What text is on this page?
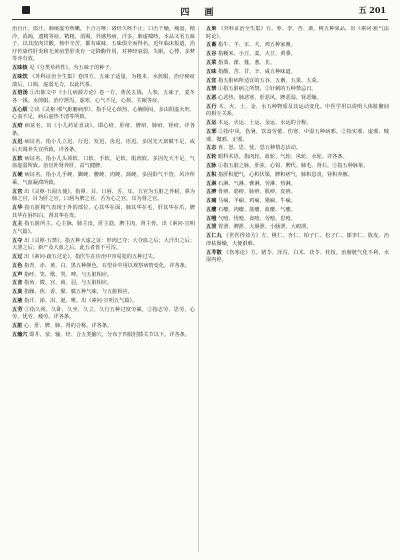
四 画	五 201

治自汗，盗汗，肺痰虚劳咳嗽，下合言唾；诸经久咳不止；口舌干燥，瘦弱，精冷，消渴，遗精等症。精粗，消渴，外感热病，汗多，肺虚喘咳，本品又名五味子，以其皮肉甘酸，核中辛苦，都有咸味，五味俱全而得名。近年临床报道，治疗传染性肝炎和无黄疸型肝炎有一定降酶作用，对神经衰弱，失眠，心悸，多梦等亦有效。

五味核 见《分类草药性》。为五味子的种子。

五味饮 《外科证治全生集》卷四方。五味子适量，为粗末，水煎服，治疗痈疽溃后，口渴，虚弱无力，以此代茶。

五倍汤 ①出陈文中《小儿病源方论》卷一方。黄芪五钱，人参，五味子，麦冬各一钱。水煎服。治疗泄泻，虚寒，心气不足，心烦、失眠等症。

五心烦 ②出《灵枢·邪气脏腑病形》。指手足心烦热，心胸烦闷。多由阴虚火旺，心血不足，病后虚热不清等所致。

五疳 病证名。出《小儿药证直诀》。即心疳、肝疳、脾疳、肺疳、肾疳。详各条。

五迟 病证名。指小儿立迟、行迟、发迟、齿迟、语迟。多因先天禀赋不足，或后天调养失宜所致。详各条。

五软 病证名。指小儿头项软、口软、手软、足软、肌肉软。多因先天不足，气血虚弱所致。治宜补肾养肝，益气健脾。

五硬 病证名。指小儿手硬、脚硬、腰硬、肉硬、颈硬。多因阳气不营，风冷所乘，气血凝滞所致。

五官 出《灵枢·五阅五使》。指鼻、目、口唇、舌、耳。五官为五脏之外候，鼻为肺之官，目为肝之官，口唇为脾之官，舌为心之官，耳为肾之官。

五华 指五脏精气表现于外的部位。心其华在面，肺其华在毛，肝其华在爪，脾其华在唇四白，肾其华在发。

五主 指五脏所主。心主脉，肺主皮，肝主筋，脾主肉，肾主骨。出《素问·宣明五气篇》。

五夺 出《灵枢·五禁》。指五种大虚之证：形肉已夺；大夺血之后；大汗出之后；大泄之后；新产及大血之后。此五者皆不可泻。

五过 出《素问·疏五过论》。指医生在诊治中容易犯的五种过失。

五色 指青、赤、黄、白、黑五种颜色。在望诊中用以观察病情变化。详各条。

五声 指呼、笑、歌、哭、呻。与五脏相应。

五音 指角、徵、宫、商、羽。与五脏相应。

五臭 指臊、焦、香、腥、腐五种气味，与五脏相应。

五液 指汗、涕、泪、涎、唾。出《素问·宣明五气篇》。

五劳 ①指久视、久卧、久坐、久立、久行五种过度劳累。②指志劳、思劳、心劳、忧劳、瘦劳。详各条。

五脏 心、肝、脾、肺、肾的合称。详各条。

五输穴 即井、荥、输、经、合五类腧穴，分布于四肢肘膝关节以下。详各条。

五果 《外科证治全生集》方。枣、李、杏、栗、桃五种果品。出《素问·脏气法时论》。

五畜 指牛、羊、豕、犬、鸡五种家畜。

五谷 指粳米、小豆、麦、大豆、黄黍。

五菜 指葵、藿、薤、葱、韭。

五味 指酸、苦、甘、辛、咸五种味道。

五宜 指五脏病所适宜的五谷、五畜、五果、五菜。

五禁 ①指五脏病之所禁。②针刺的五种禁忌日。

五恶 心恶热，肺恶寒，肝恶风，脾恶湿，肾恶燥。

五行 木、火、土、金、水五种物质及其运动变化。中医学用以说明人体脏腑间的相互关系。

五运 木运、火运、土运、金运、水运的合称。

五邪 ①指中风、伤暑、饮食劳倦、伤寒、中湿五种病邪。②指实邪、虚邪、贼邪、微邪、正邪。

五志 喜、怒、思、忧、恐五种情志活动。

五轮 眼科术语。指肉轮、血轮、气轮、风轮、水轮。详各条。

五脉 ①指五脏之脉，肝弦、心钩、脾代、肺毛、肾石。②指五种脉象。

五积 指肝积肥气，心积伏梁，脾积痞气，肺积息贲，肾积奔豚。

五淋 石淋、气淋、膏淋、劳淋、热淋。

五痹 骨痹、筋痹、脉痹、肌痹、皮痹。

五痫 马痫、羊痫、鸡痫、猪痫、牛痫。

五瘿 石瘿、肉瘿、筋瘿、血瘿、气瘿。

五噎 气噎、忧噎、食噎、劳噎、思噎。

五泄 胃泄、脾泄、大肠泄、小肠泄、大瘕泄。

五仁丸 《世医得效方》方。桃仁、杏仁、柏子仁、松子仁、郁李仁、陈皮。治津枯肠燥，大便艰难。

五苓散 《伤寒论》方。猪苓、泽泻、白术、茯苓、桂枝。治膀胱气化不利，水湿内停。
